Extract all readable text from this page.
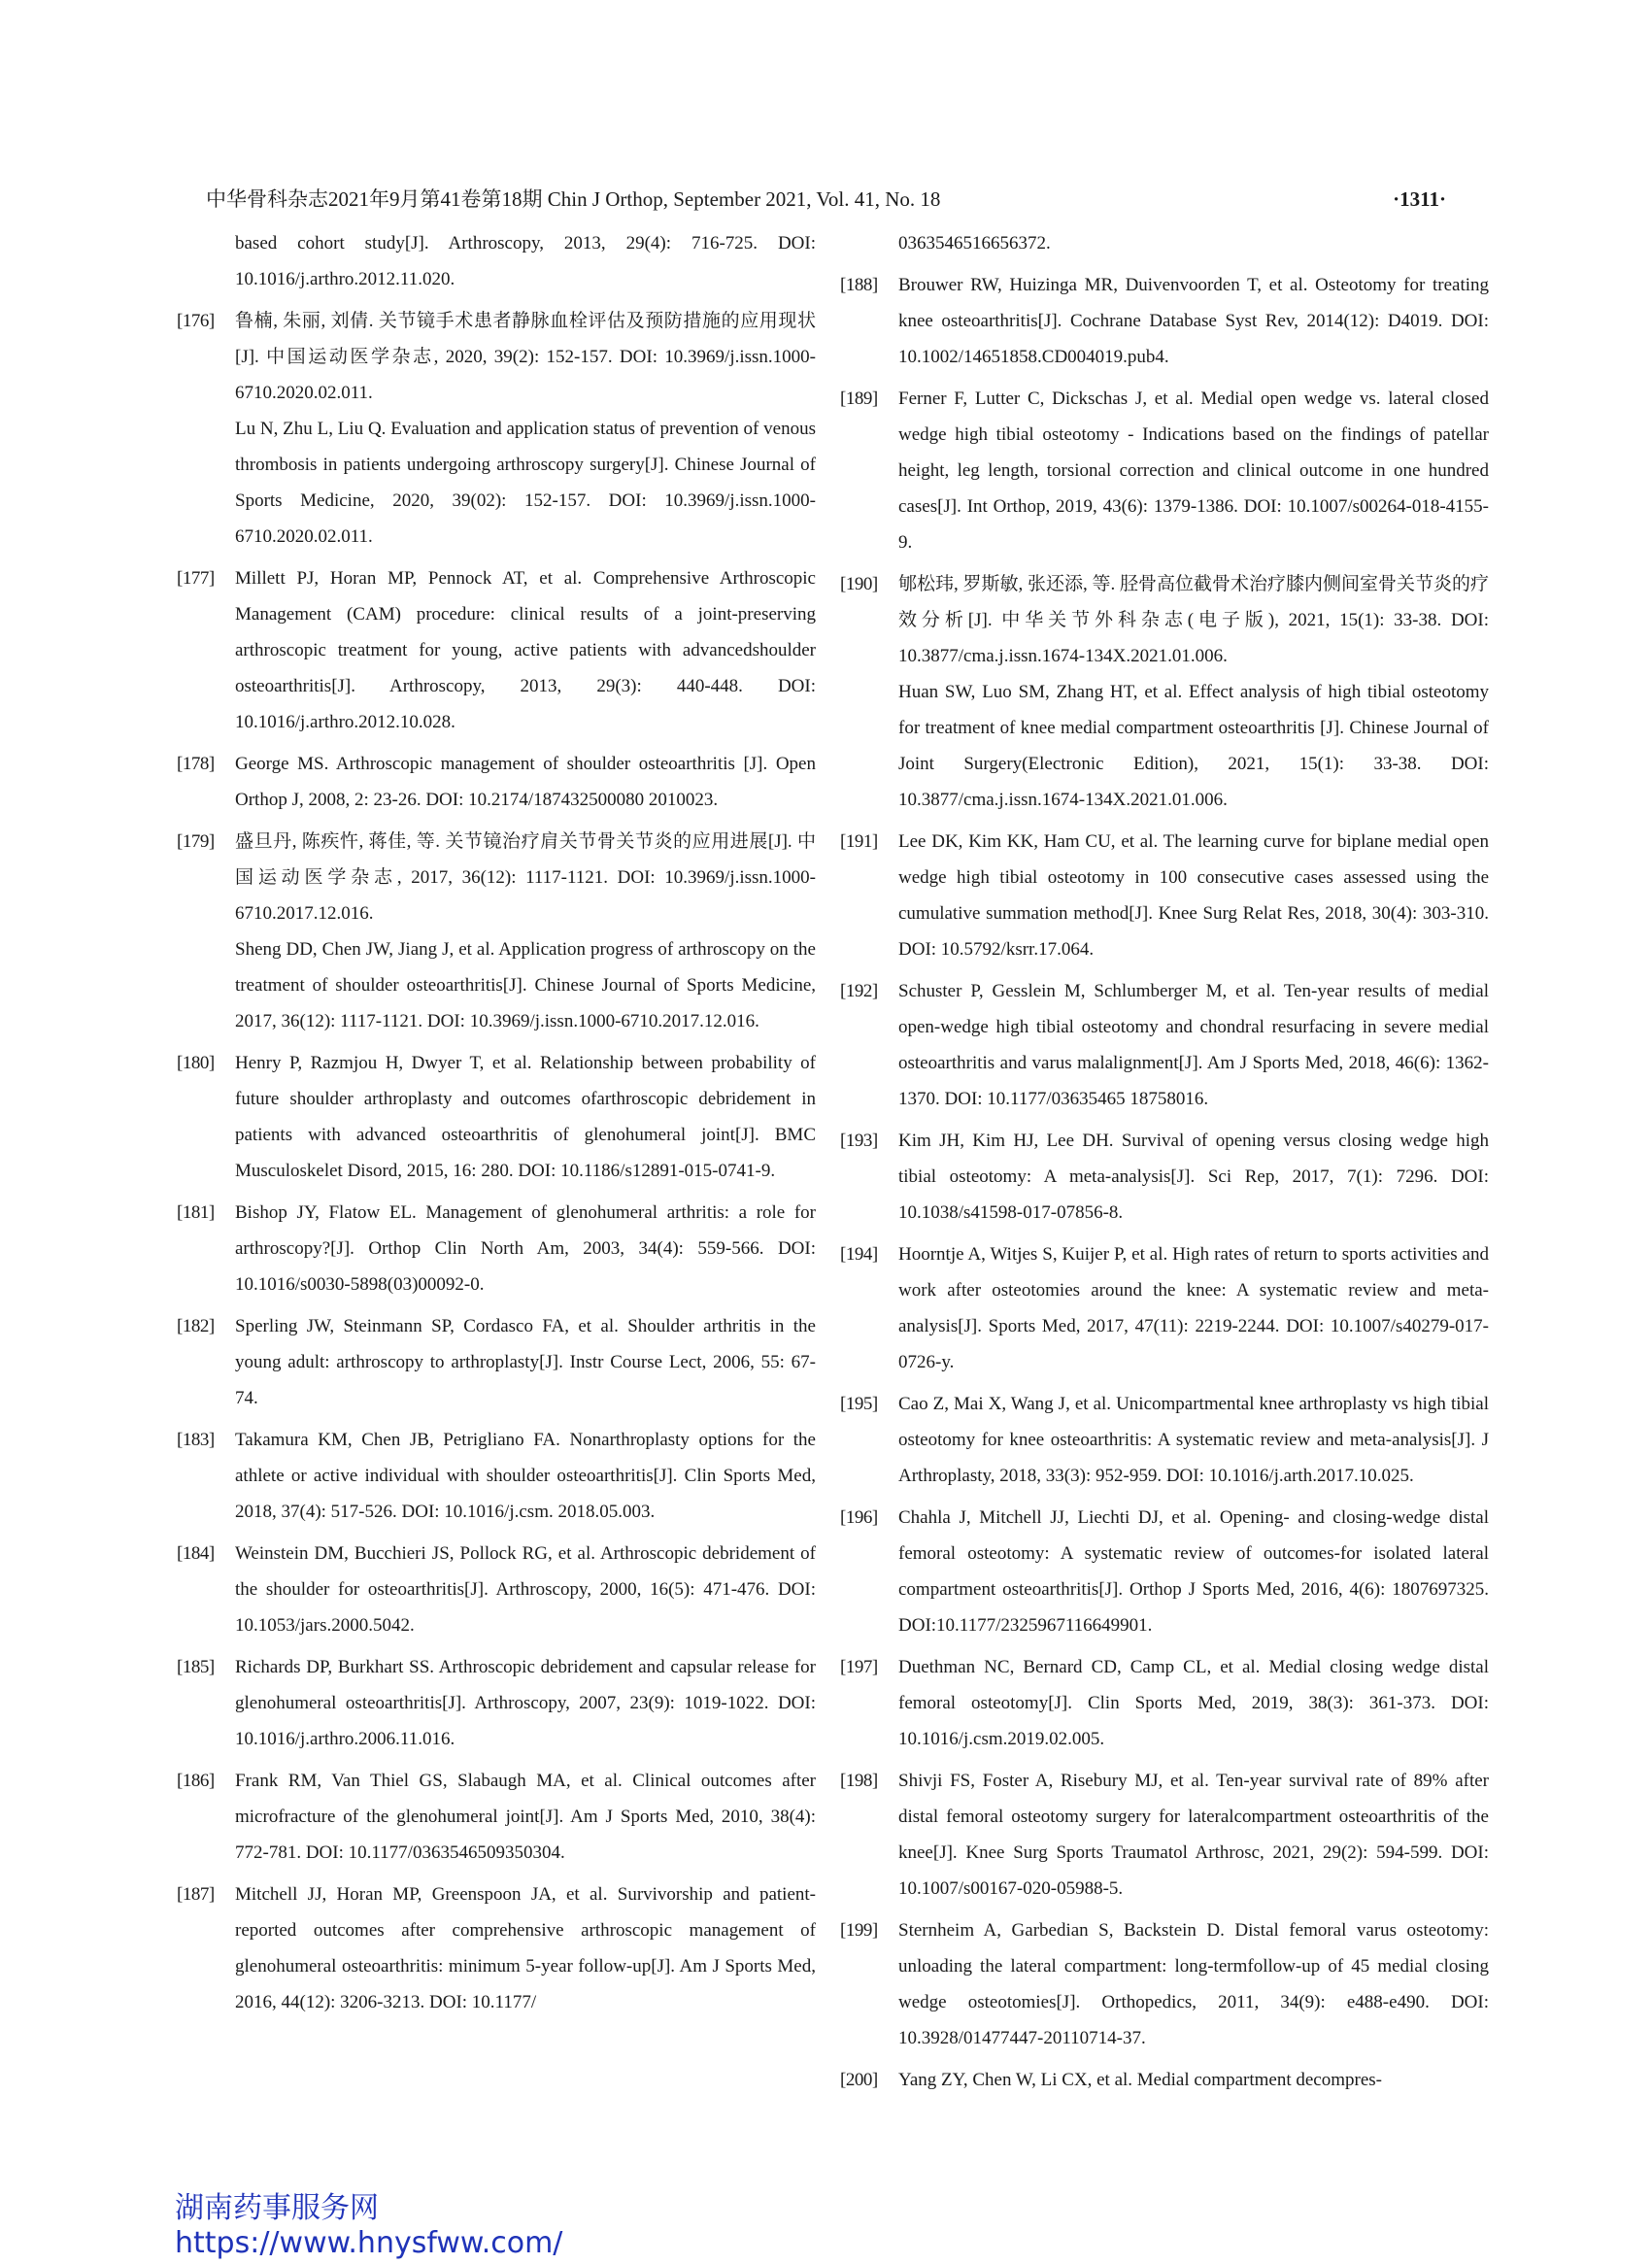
中华骨科杂志2021年9月第41卷第18期 Chin J Orthop, September 2021, Vol. 41, No. 18	·1311·
based cohort study[J]. Arthroscopy, 2013, 29(4): 716-725. DOI: 10.1016/j.arthro.2012.11.020.
[176]	鲁楠, 朱丽, 刘倩. 关节镜手术患者静脉血栓评估及预防措施的应用现状[J]. 中国运动医学杂志, 2020, 39(2): 152-157. DOI: 10.3969/j.issn.1000-6710.2020.02.011.
Lu N, Zhu L, Liu Q. Evaluation and application status of prevention of venous thrombosis in patients undergoing arthroscopy surgery[J]. Chinese Journal of Sports Medicine, 2020, 39(02): 152-157. DOI: 10.3969/j.issn.1000-6710.2020.02.011.
[177]	Millett PJ, Horan MP, Pennock AT, et al. Comprehensive Arthroscopic Management (CAM) procedure: clinical results of a joint-preserving arthroscopic treatment for young, active patients with advancedshoulder osteoarthritis[J]. Arthroscopy, 2013, 29(3): 440-448. DOI: 10.1016/j.arthro.2012.10.028.
[178]	George MS. Arthroscopic management of shoulder osteoarthritis [J]. Open Orthop J, 2008, 2: 23-26. DOI: 10.2174/187432500080 2010023.
[179]	盛旦丹, 陈疾忤, 蒋佳, 等. 关节镜治疗肩关节骨关节炎的应用进展[J]. 中国运动医学杂志, 2017, 36(12): 1117-1121. DOI: 10.3969/j.issn.1000-6710.2017.12.016.
Sheng DD, Chen JW, Jiang J, et al. Application progress of arthroscopy on the treatment of shoulder osteoarthritis[J]. Chinese Journal of Sports Medicine, 2017, 36(12): 1117-1121. DOI: 10.3969/j.issn.1000-6710.2017.12.016.
[180]	Henry P, Razmjou H, Dwyer T, et al. Relationship between probability of future shoulder arthroplasty and outcomes ofarthroscopic debridement in patients with advanced osteoarthritis of glenohumeral joint[J]. BMC Musculoskelet Disord, 2015, 16: 280. DOI: 10.1186/s12891-015-0741-9.
[181]	Bishop JY, Flatow EL. Management of glenohumeral arthritis: a role for arthroscopy?[J]. Orthop Clin North Am, 2003, 34(4): 559-566. DOI: 10.1016/s0030-5898(03)00092-0.
[182]	Sperling JW, Steinmann SP, Cordasco FA, et al. Shoulder arthritis in the young adult: arthroscopy to arthroplasty[J]. Instr Course Lect, 2006, 55: 67-74.
[183]	Takamura KM, Chen JB, Petrigliano FA. Nonarthroplasty options for the athlete or active individual with shoulder osteoarthritis[J]. Clin Sports Med, 2018, 37(4): 517-526. DOI: 10.1016/j.csm. 2018.05.003.
[184]	Weinstein DM, Bucchieri JS, Pollock RG, et al. Arthroscopic debridement of the shoulder for osteoarthritis[J]. Arthroscopy, 2000, 16(5): 471-476. DOI: 10.1053/jars.2000.5042.
[185]	Richards DP, Burkhart SS. Arthroscopic debridement and capsular release for glenohumeral osteoarthritis[J]. Arthroscopy, 2007, 23(9): 1019-1022. DOI: 10.1016/j.arthro.2006.11.016.
[186]	Frank RM, Van Thiel GS, Slabaugh MA, et al. Clinical outcomes after microfracture of the glenohumeral joint[J]. Am J Sports Med, 2010, 38(4): 772-781. DOI: 10.1177/0363546509350304.
[187]	Mitchell JJ, Horan MP, Greenspoon JA, et al. Survivorship and patient-reported outcomes after comprehensive arthroscopic management of glenohumeral osteoarthritis: minimum 5-year follow-up[J]. Am J Sports Med, 2016, 44(12): 3206-3213. DOI: 10.1177/
0363546516656372.
[188]	Brouwer RW, Huizinga MR, Duivenvoorden T, et al. Osteotomy for treating knee osteoarthritis[J]. Cochrane Database Syst Rev, 2014(12): D4019. DOI: 10.1002/14651858.CD004019.pub4.
[189]	Ferner F, Lutter C, Dickschas J, et al. Medial open wedge vs. lateral closed wedge high tibial osteotomy - Indications based on the findings of patellar height, leg length, torsional correction and clinical outcome in one hundred cases[J]. Int Orthop, 2019, 43(6): 1379-1386. DOI: 10.1007/s00264-018-4155-9.
[190]	郇松玮, 罗斯敏, 张还添, 等. 胫骨高位截骨术治疗膝内侧间室骨关节炎的疗效分析[J]. 中华关节外科杂志(电子版), 2021, 15(1): 33-38. DOI: 10.3877/cma.j.issn.1674-134X.2021.01.006.
Huan SW, Luo SM, Zhang HT, et al. Effect analysis of high tibial osteotomy for treatment of knee medial compartment osteoarthritis [J]. Chinese Journal of Joint Surgery(Electronic Edition), 2021, 15(1): 33-38. DOI: 10.3877/cma.j.issn.1674-134X.2021.01.006.
[191]	Lee DK, Kim KK, Ham CU, et al. The learning curve for biplane medial open wedge high tibial osteotomy in 100 consecutive cases assessed using the cumulative summation method[J]. Knee Surg Relat Res, 2018, 30(4): 303-310. DOI: 10.5792/ksrr.17.064.
[192]	Schuster P, Gesslein M, Schlumberger M, et al. Ten-year results of medial open-wedge high tibial osteotomy and chondral resurfacing in severe medial osteoarthritis and varus malalignment[J]. Am J Sports Med, 2018, 46(6): 1362-1370. DOI: 10.1177/03635465 18758016.
[193]	Kim JH, Kim HJ, Lee DH. Survival of opening versus closing wedge high tibial osteotomy: A meta-analysis[J]. Sci Rep, 2017, 7(1): 7296. DOI: 10.1038/s41598-017-07856-8.
[194]	Hoorntje A, Witjes S, Kuijer P, et al. High rates of return to sports activities and work after osteotomies around the knee: A systematic review and meta-analysis[J]. Sports Med, 2017, 47(11): 2219-2244. DOI: 10.1007/s40279-017-0726-y.
[195]	Cao Z, Mai X, Wang J, et al. Unicompartmental knee arthroplasty vs high tibial osteotomy for knee osteoarthritis: A systematic review and meta-analysis[J]. J Arthroplasty, 2018, 33(3): 952-959. DOI: 10.1016/j.arth.2017.10.025.
[196]	Chahla J, Mitchell JJ, Liechti DJ, et al. Opening- and closing-wedge distal femoral osteotomy: A systematic review of outcomes-for isolated lateral compartment osteoarthritis[J]. Orthop J Sports Med, 2016, 4(6): 1807697325. DOI:10.1177/2325967116649901.
[197]	Duethman NC, Bernard CD, Camp CL, et al. Medial closing wedge distal femoral osteotomy[J]. Clin Sports Med, 2019, 38(3): 361-373. DOI: 10.1016/j.csm.2019.02.005.
[198]	Shivji FS, Foster A, Risebury MJ, et al. Ten-year survival rate of 89% after distal femoral osteotomy surgery for lateralcompartment osteoarthritis of the knee[J]. Knee Surg Sports Traumatol Arthrosc, 2021, 29(2): 594-599. DOI: 10.1007/s00167-020-05988-5.
[199]	Sternheim A, Garbedian S, Backstein D. Distal femoral varus osteotomy: unloading the lateral compartment: long-termfollow-up of 45 medial closing wedge osteotomies[J]. Orthopedics, 2011, 34(9): e488-e490. DOI: 10.3928/01477447-20110714-37.
[200]	Yang ZY, Chen W, Li CX, et al. Medial compartment decompres-
湖南药事服务网
https://www.hnysfww.com/
